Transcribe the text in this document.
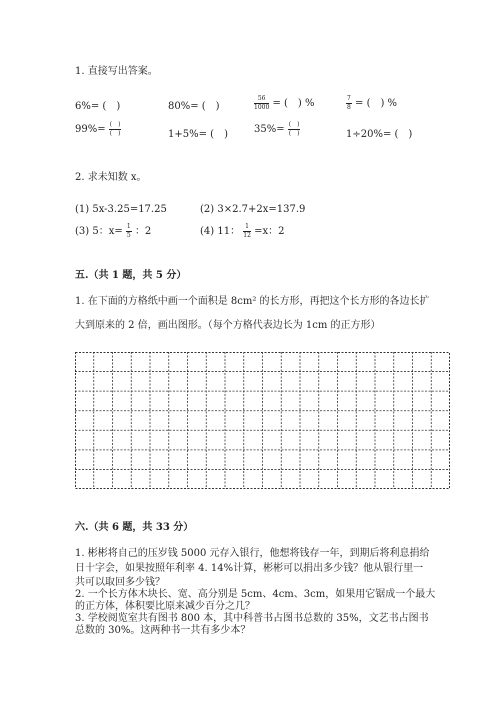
1. 直接写出答案。
6%= (　)	80%= (　)	$\frac{56}{1000}$ = (　) %	$\frac{7}{8}$ = (　) %
$99\%= \frac{( )}{( )}$	1+5%= (　)	$35\%= \frac{( )}{( )}$	1÷20%= (　)
2. 求未知数 x。
(1) 5x-3.25=17.25	(2) 3×2.7+2x=137.9
(3) 5：$x= \frac{1}{5}$ ：2	(4) 11： $\frac{1}{12} =x$：2
五.（共 1 题，共 5 分）
1. 在下面的方格纸中画一个面积是 8cm² 的长方形，再把这个长方形的各边长扩
大到原来的 2 倍，画出图形。（每个方格代表边长为 1cm 的正方形）
六.（共 6 题，共 33 分）
1. 彬彬将自己的压岁钱 5000 元存入银行，他想将钱存一年，到期后将利息捐给
日十字会，如果按照年利率 4. 14%计算，彬彬可以捐出多少钱？他从银行里一
共可以取回多少钱？
2. 一个长方体木块长、宽、高分别是 5cm、4cm、3cm，如果用它锯成一个最大
的正方体，体积要比原来减少百分之几？
3. 学校阅览室共有图书 800 本，其中科普书占图书总数的 35%，文艺书占图书
总数的 30%。这两种书一共有多少本？
